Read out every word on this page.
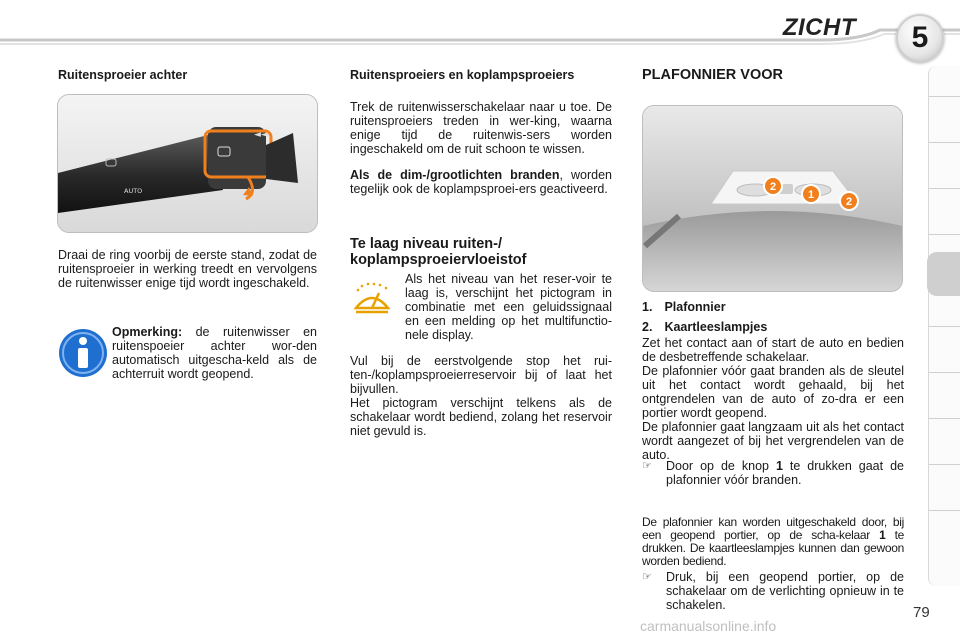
ZICHT 5
Ruitensproeier achter
◄◄
AUTO
Draai de ring voorbij de eerste stand, zodat de ruitensproeier in werking treedt en vervolgens de ruitenwisser enige tijd wordt ingeschakeld.
Opmerking: de ruitenwisser en ruitenspoeier achter wor-den automatisch uitgescha-keld als de achterruit wordt geopend.
Ruitensproeiers en koplampsproeiers
Trek de ruitenwisserschakelaar naar u toe. De ruitensproeiers treden in wer-king, waarna enige tijd de ruitenwis-sers worden ingeschakeld om de ruit schoon te wissen.
Als de dim-/grootlichten branden, worden tegelijk ook de koplampsproei-ers geactiveerd.
Te laag niveau ruiten-/ koplampsproeiervloeistof
Als het niveau van het reser-voir te laag is, verschijnt het pictogram in combinatie met een geluidssignaal en een melding op het multifunctio-nele display.
Vul bij de eerstvolgende stop het rui-ten-/koplampsproeierreservoir bij of laat het bijvullen.
Het pictogram verschijnt telkens als de schakelaar wordt bediend, zolang het reservoir niet gevuld is.
PLAFONNIER VOOR
2
1
2
1. Plafonnier
2. Kaartleeslampjes
Zet het contact aan of start de auto en bedien de desbetreffende schakelaar.
De plafonnier vóór gaat branden als de sleutel uit het contact wordt gehaald, bij het ontgrendelen van de auto of zo-dra er een portier wordt geopend.
De plafonnier gaat langzaam uit als het contact wordt aangezet of bij het vergrendelen van de auto.
☞	Door op de knop 1 te drukken gaat de plafonnier vóór branden.
De plafonnier kan worden uitgeschakeld door, bij een geopend portier, op de scha-kelaar 1 te drukken. De kaartleeslampjes kunnen dan gewoon worden bediend.
☞	Druk, bij een geopend portier, op de schakelaar om de verlichting opnieuw in te schakelen.	79
carmanualsonline.info
